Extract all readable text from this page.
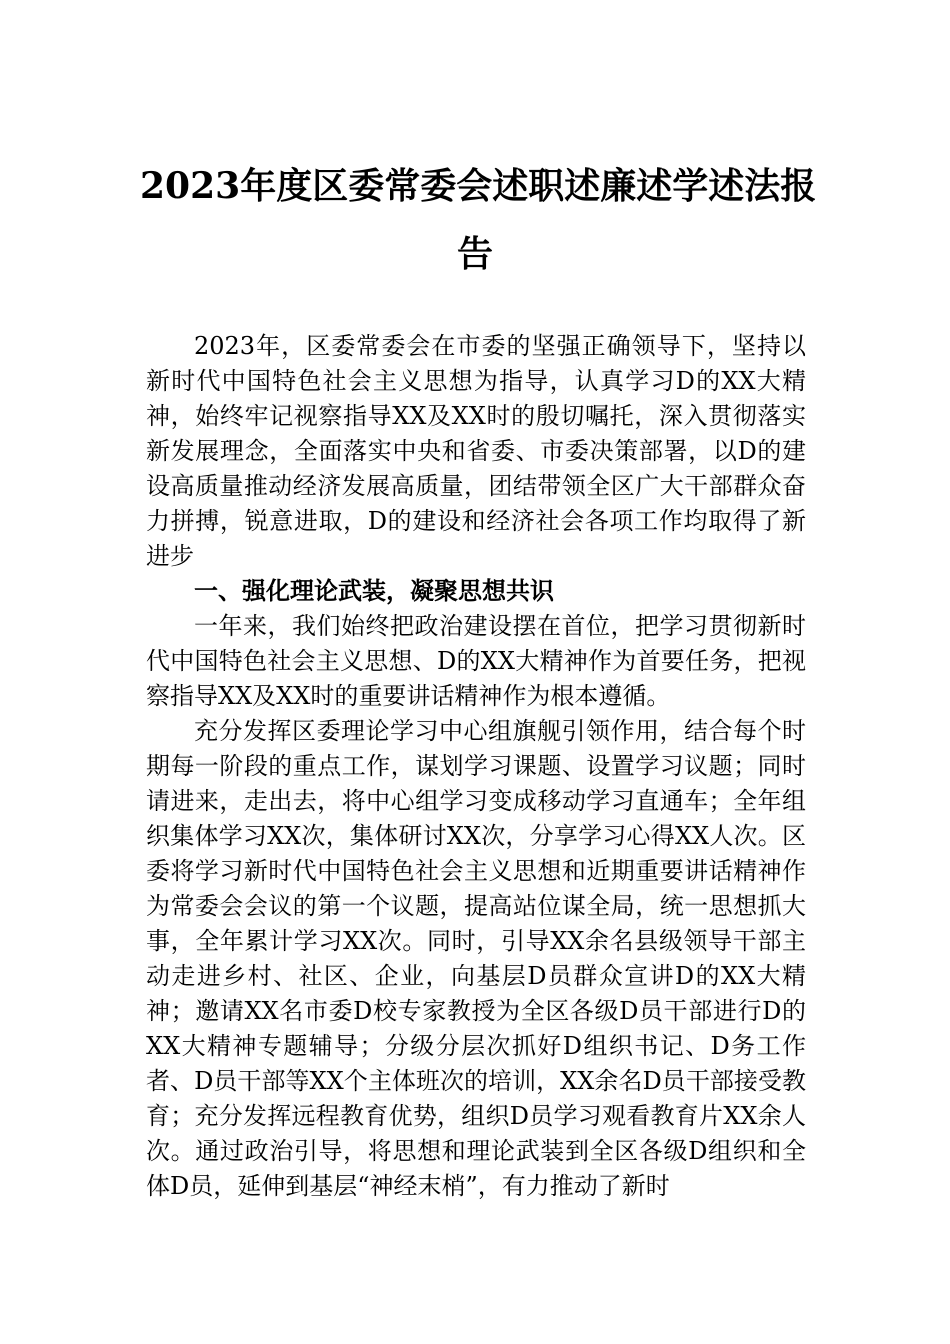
2023年度区委常委会述职述廉述学述法报
告

2023年，区委常委会在市委的坚强正确领导下，坚持以新时代中国特色社会主义思想为指导，认真学习D的XX大精神，始终牢记视察指导XX及XX时的殷切嘱托，深入贯彻落实新发展理念，全面落实中央和省委、市委决策部署，以D的建设高质量推动经济发展高质量，团结带领全区广大干部群众奋力拼搏，锐意进取，D的建设和经济社会各项工作均取得了新进步

一、强化理论武装，凝聚思想共识

一年来，我们始终把政治建设摆在首位，把学习贯彻新时代中国特色社会主义思想、D的XX大精神作为首要任务，把视察指导XX及XX时的重要讲话精神作为根本遵循。

充分发挥区委理论学习中心组旗舰引领作用，结合每个时期每一阶段的重点工作，谋划学习课题、设置学习议题；同时请进来，走出去，将中心组学习变成移动学习直通车；全年组织集体学习XX次，集体研讨XX次，分享学习心得XX人次。区委将学习新时代中国特色社会主义思想和近期重要讲话精神作为常委会会议的第一个议题，提高站位谋全局，统一思想抓大事，全年累计学习XX次。同时，引导XX余名县级领导干部主动走进乡村、社区、企业，向基层D员群众宣讲D的XX大精神；邀请XX名市委D校专家教授为全区各级D员干部进行D的XX大精神专题辅导；分级分层次抓好D组织书记、D务工作者、D员干部等XX个主体班次的培训，XX余名D员干部接受教育；充分发挥远程教育优势，组织D员学习观看教育片XX余人次。通过政治引导，将思想和理论武装到全区各级D组织和全体D员，延伸到基层“神经末梢”，有力推动了新时
